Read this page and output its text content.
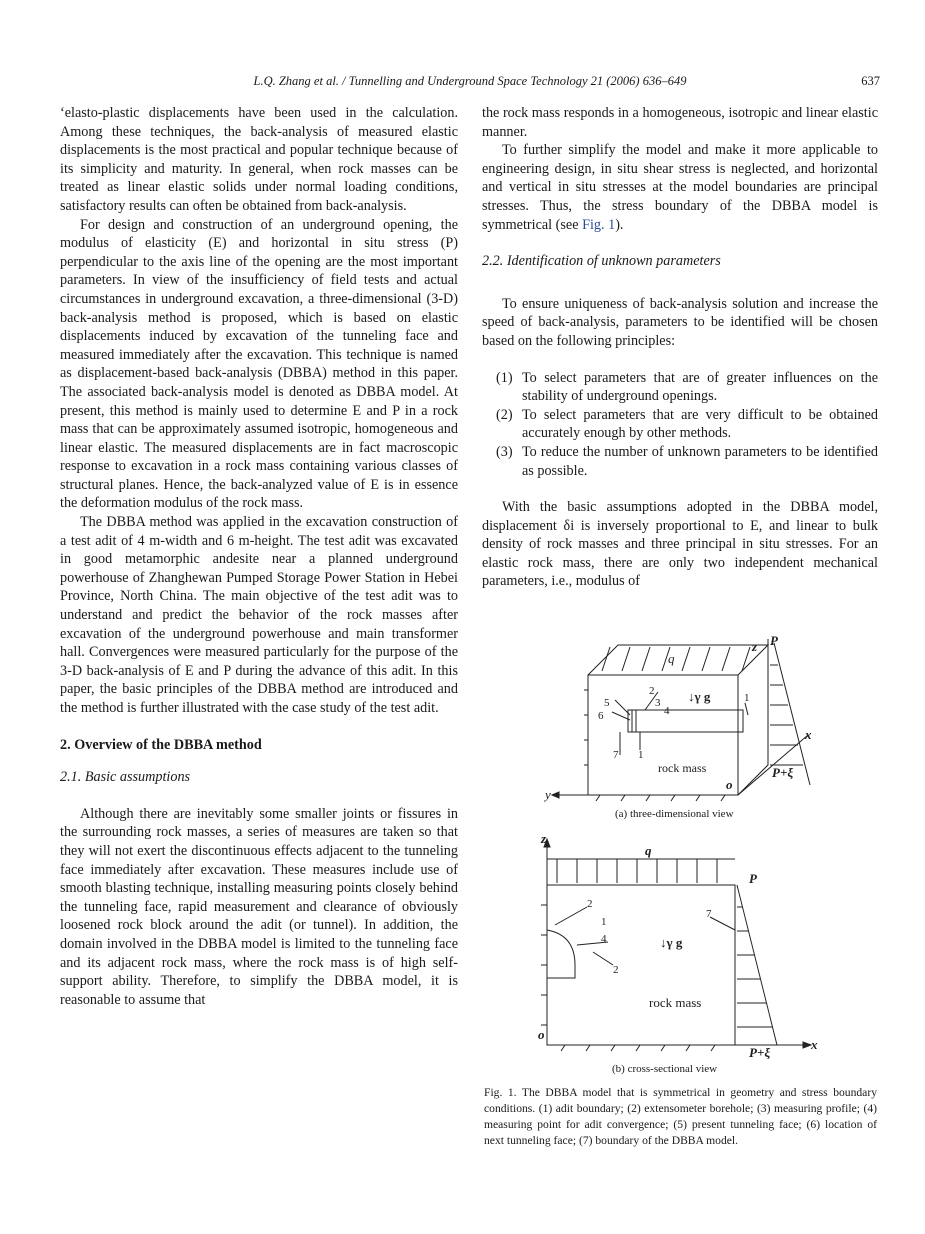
L.Q. Zhang et al. / Tunnelling and Underground Space Technology 21 (2006) 636–649	637

‘elasto-plastic displacements have been used in the calculation. Among these techniques, the back-analysis of measured elastic displacements is the most practical and popular technique because of its simplicity and maturity. In general, when rock masses can be treated as linear elastic solids under normal loading conditions, satisfactory results can often be obtained from back-analysis.

For design and construction of an underground opening, the modulus of elasticity (E) and horizontal in situ stress (P) perpendicular to the axis line of the opening are the most important parameters. In view of the insufficiency of field tests and actual circumstances in underground excavation, a three-dimensional (3-D) back-analysis method is proposed, which is based on elastic displacements induced by excavation of the tunneling face and measured immediately after the excavation. This technique is named as displacement-based back-analysis (DBBA) method in this paper. The associated back-analysis model is denoted as DBBA model. At present, this method is mainly used to determine E and P in a rock mass that can be approximately assumed isotropic, homogeneous and linear elastic. The measured displacements are in fact macroscopic response to excavation in a rock mass containing various classes of structural planes. Hence, the back-analyzed value of E is in essence the deformation modulus of the rock mass.

The DBBA method was applied in the excavation construction of a test adit of 4 m-width and 6 m-height. The test adit was excavated in good metamorphic andesite near a planned underground powerhouse of Zhanghewan Pumped Storage Power Station in Hebei Province, North China. The main objective of the test adit was to understand and predict the behavior of the rock masses after excavation of the underground powerhouse and main transformer hall. Convergences were measured particularly for the purpose of the 3-D back-analysis of E and P during the advance of this adit. In this paper, the basic principles of the DBBA method are introduced and the method is further illustrated with the case study of the test adit.

2. Overview of the DBBA method
2.1. Basic assumptions

Although there are inevitably some smaller joints or fissures in the surrounding rock masses, a series of measures are taken so that they will not exert the discontinuous effects adjacent to the tunneling face immediately after excavation. These measures include use of smooth blasting technique, installing measuring points closely behind the tunneling face, rapid measurement and clearance of obviously loosened rock block around the adit (or tunnel). In addition, the domain involved in the DBBA model is limited to the tunneling face and its adjacent rock mass, where the rock mass is of high self-support ability. Therefore, to simplify the DBBA model, it is reasonable to assume that

the rock mass responds in a homogeneous, isotropic and linear elastic manner.

To further simplify the model and make it more applicable to engineering design, in situ shear stress is neglected, and horizontal and vertical in situ stresses at the model boundaries are principal stresses. Thus, the stress boundary of the DBBA model is symmetrical (see Fig. 1).

2.2. Identification of unknown parameters

To ensure uniqueness of back-analysis solution and increase the speed of back-analysis, parameters to be identified will be chosen based on the following principles:

(1) To select parameters that are of greater influences on the stability of underground openings.
(2) To select parameters that are very difficult to be obtained accurately enough by other methods.
(3) To reduce the number of unknown parameters to be identified as possible.

With the basic assumptions adopted in the DBBA model, displacement δi is inversely proportional to E, and linear to bulk density of rock masses and three principal in situ stresses. For an elastic rock mass, there are only two independent mechanical parameters, i.e., modulus of

q
z P
x
y
o
P+ξ
↓γ g
rock mass
2
3
4
5
6
7 1
1
(a) three-dimensional view
z
q
P
x
o
P+ξ
↓γ g
rock mass
2
1
4
2
7
(b) cross-sectional view
Fig. 1. The DBBA model that is symmetrical in geometry and stress boundary conditions. (1) adit boundary; (2) extensometer borehole; (3) measuring profile; (4) measuring point for adit convergence; (5) present tunneling face; (6) location of next tunneling face; (7) boundary of the DBBA model.
